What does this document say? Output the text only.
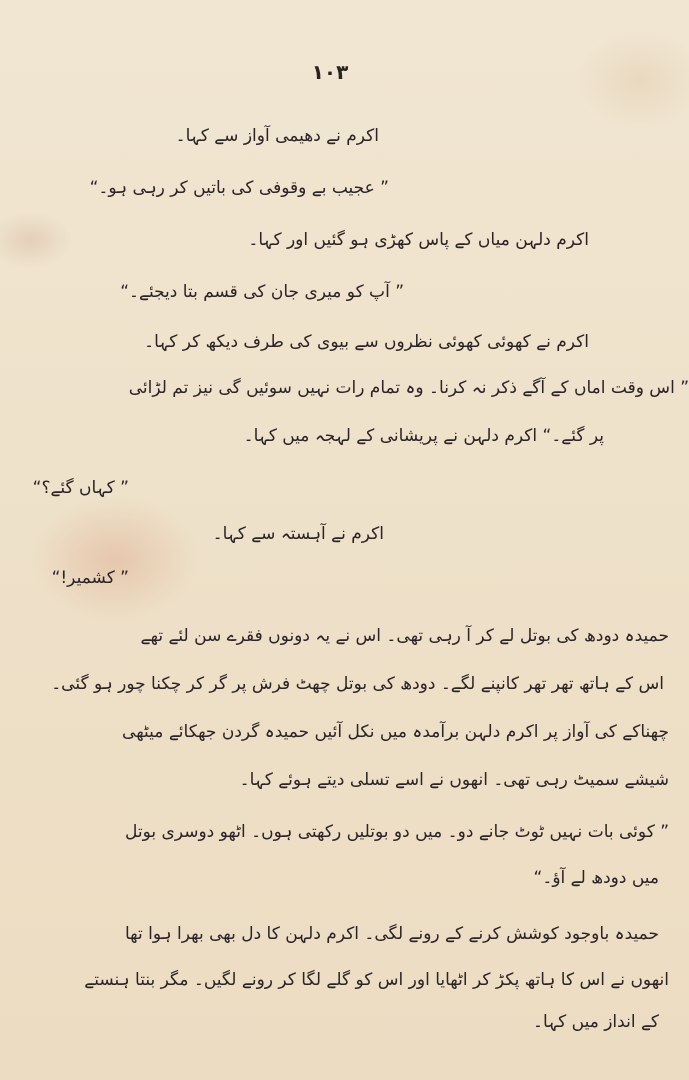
۱۰۳
اکرم نے دھیمی آواز سے کہا۔
” عجیب بے وقوفی کی باتیں کر رہی ہو۔“
اکرم دلہن میاں کے پاس کھڑی ہو گئیں اور کہا۔
” آپ کو میری جان کی قسم بتا دیجئے۔“
اکرم نے کھوئی کھوئی نظروں سے بیوی کی طرف دیکھ کر کہا۔
” اس وقت اماں کے آگے ذکر نہ کرنا۔ وہ تمام رات نہیں سوئیں گی نیز تم لڑائی
پر گئے۔“ اکرم دلہن نے پریشانی کے لہجہ میں کہا۔
” کہاں گئے؟“
اکرم نے آہستہ سے کہا۔
” کشمیر!“
حمیدہ دودھ کی بوتل لے کر آ رہی تھی۔ اس نے یہ دونوں فقرے سن لئے تھے
اس کے ہاتھ تھر تھر کانپنے لگے۔ دودھ کی بوتل چھٹ فرش پر گر کر چکنا چور ہو گئی۔
چھناکے کی آواز پر اکرم دلہن برآمدہ میں نکل آئیں حمیدہ گردن جھکائے میٹھی
شیشے سمیٹ رہی تھی۔ انھوں نے اسے تسلی دیتے ہوئے کہا۔
” کوئی بات نہیں ٹوٹ جانے دو۔ میں دو بوتلیں رکھتی ہوں۔ اٹھو دوسری بوتل
میں دودھ لے آؤ۔“
حمیدہ باوجود کوشش کرنے کے رونے لگی۔ اکرم دلہن کا دل بھی بھرا ہوا تھا
انھوں نے اس کا ہاتھ پکڑ کر اٹھایا اور اس کو گلے لگا کر رونے لگیں۔ مگر بنتا ہنستے
کے انداز میں کہا۔
